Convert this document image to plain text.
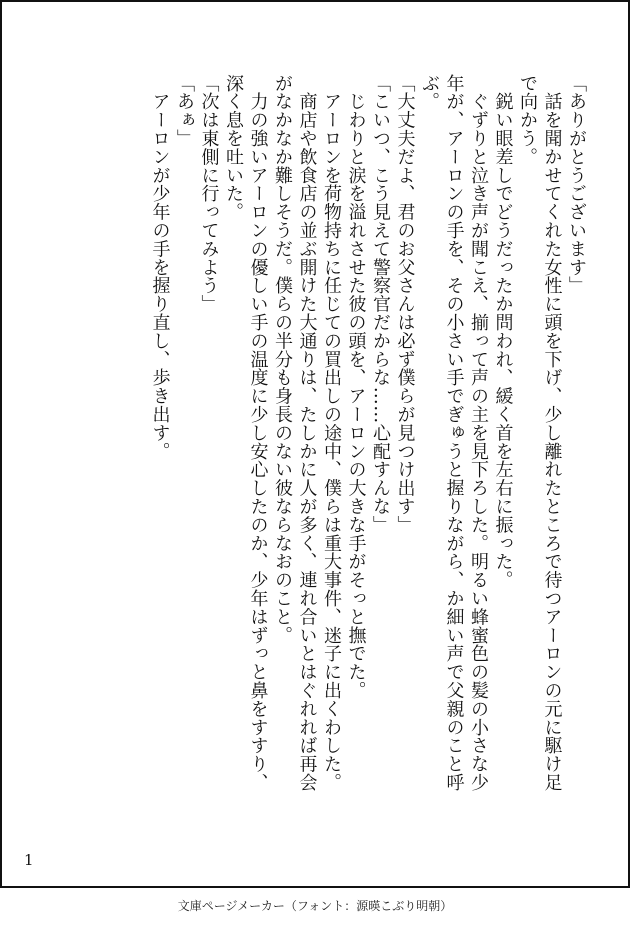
「ありがとうございます」

　話を聞かせてくれた女性に頭を下げ、少し離れたところで待つアーロンの元に駆け足

で向かう。

　鋭い眼差しでどうだったか問われ、緩く首を左右に振った。

　ぐずりと泣き声が聞こえ、揃って声の主を見下ろした。明るい蜂蜜色の髪の小さな少

年が、アーロンの手を、その小さい手でぎゅうと握りながら、か細い声で父親のこと呼

ぶ。

「大丈夫だよ、君のお父さんは必ず僕らが見つけ出す」

「こいつ、こう見えて警察官だからな……心配すんな」

　じわりと涙を溢れさせた彼の頭を、アーロンの大きな手がそっと撫でた。

　アーロンを荷物持ちに任じての買出しの途中、僕らは重大事件、迷子に出くわした。

　商店や飲食店の並ぶ開けた大通りは、たしかに人が多く、連れ合いとはぐれれば再会

がなかなか難しそうだ。僕らの半分も身長のない彼ならなおのこと。

　力の強いアーロンの優しい手の温度に少し安心したのか、少年はずっと鼻をすすり、

深く息を吐いた。

「次は東側に行ってみよう」

「あぁ」

　アーロンが少年の手を握り直し、歩き出す。

1
文庫ページメーカー（フォント：源暎こぶり明朝）
